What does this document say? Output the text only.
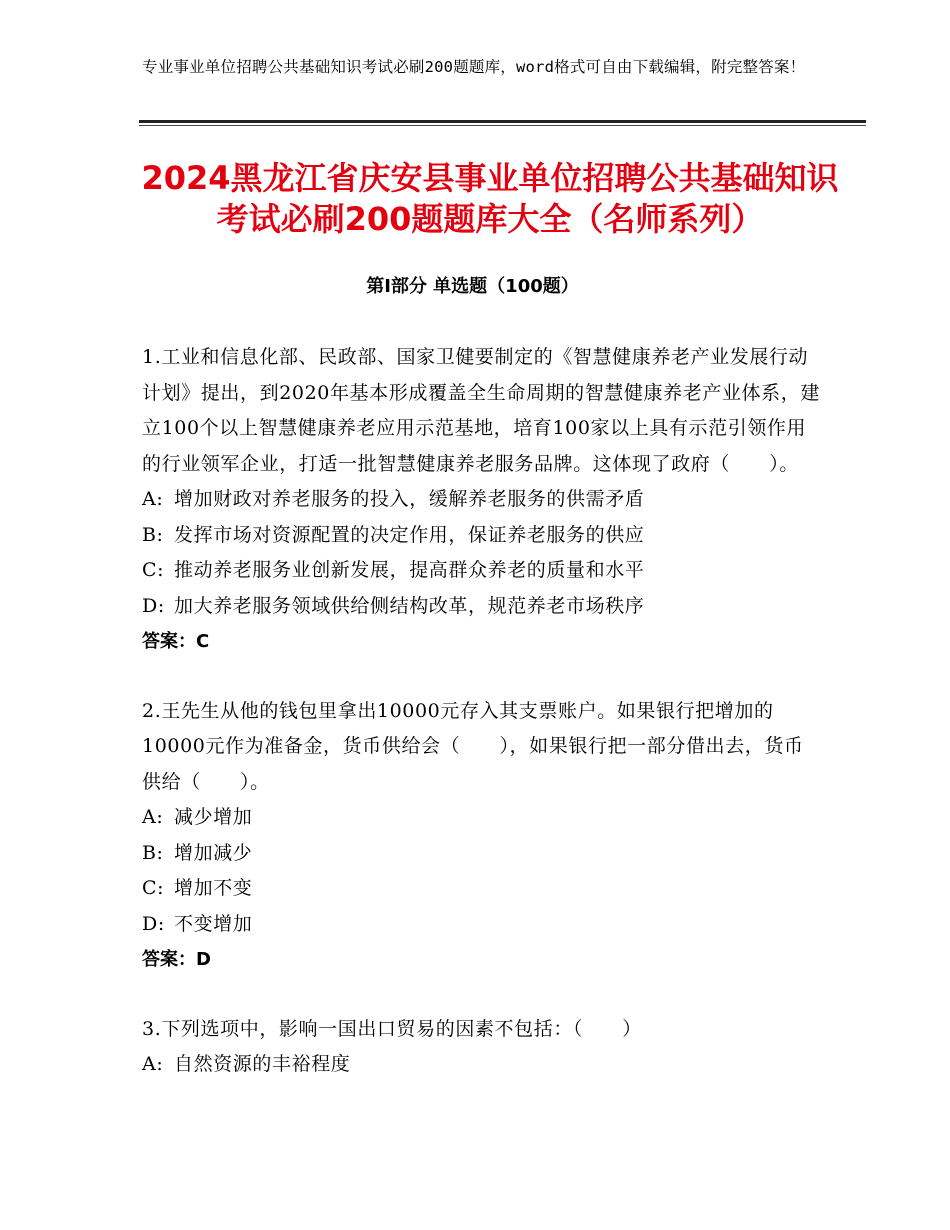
专业事业单位招聘公共基础知识考试必刷200题题库，word格式可自由下载编辑，附完整答案！
2024黑龙江省庆安县事业单位招聘公共基础知识考试必刷200题题库大全（名师系列）
第Ⅰ部分 单选题（100题）

1.工业和信息化部、民政部、国家卫健要制定的《智慧健康养老产业发展行动计划》提出，到2020年基本形成覆盖全生命周期的智慧健康养老产业体系，建立100个以上智慧健康养老应用示范基地，培育100家以上具有示范引领作用的行业领军企业，打适一批智慧健康养老服务品牌。这体现了政府（　　）。

A: 增加财政对养老服务的投入，缓解养老服务的供需矛盾

B: 发挥市场对资源配置的决定作用，保证养老服务的供应

C: 推动养老服务业创新发展，提高群众养老的质量和水平

D: 加大养老服务领域供给侧结构改革，规范养老市场秩序

答案：C

2.王先生从他的钱包里拿出10000元存入其支票账户。如果银行把增加的10000元作为准备金，货币供给会（　　），如果银行把一部分借出去，货币供给（　　）。

A: 减少增加

B: 增加减少

C: 增加不变

D: 不变增加

答案：D

3.下列选项中，影响一国出口贸易的因素不包括：（　　）

A: 自然资源的丰裕程度
